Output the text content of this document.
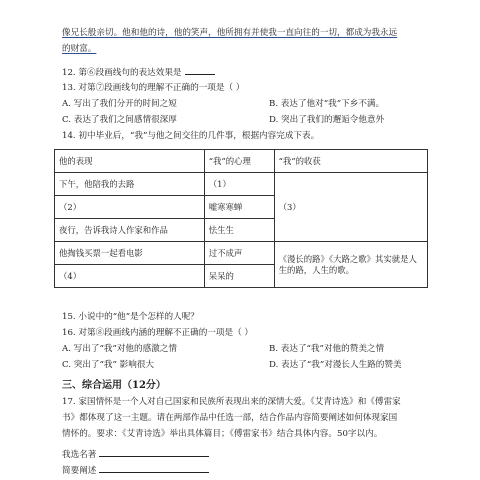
像兄长般亲切。他和他的诗，他的笑声，他所拥有并使我一直向往的一切，都成为我永远
的财富。
12. 第⑥段画线句的表达效果是
13. 对第⑦段画线句的理解不正确的一项是（ ）
A. 写出了我们分开的时间之短	B. 表达了他对“我”下乡不满。
C. 表达了我们之间感情很深厚	D. 突出了我们的邂逅令他意外
14. 初中毕业后，“我”与他之间交往的几件事，根据内容完成下表。
他的表现	“我”的心理	“我”的收获
下午，他陪我的去路	（1）	（3）
（2）	嘘寒寒蝉	
夜行，告诉我诗人作家和作品	怯生生	
他掏钱买票一起看电影	过不成声	《漫长的路》《大路之歌》其实就是人生的路，人生的歌。
（4）	呆呆的	
15. 小说中的“他”是个怎样的人呢？
16. 对第⑧段画线内涵的理解不正确的一项是（ ）
A. 写出了“我”对他的感激之情	B. 表达了“我”对他的赞美之情
C. 突出了“我” 影响很大	D. 表达了“我”对漫长人生路的赞美
三、综合运用（12分）
17. 家国情怀是一个人对自己国家和民族所表现出来的深情大爱。《艾青诗选》和《傅雷家
书》都体现了这一主题。请在两部作品中任选一部，结合作品内容简要阐述如何体现家国
情怀的。要求：《艾青诗选》举出具体篇目；《傅雷家书》结合具体内容。50字以内。
我选名著
简要阐述
